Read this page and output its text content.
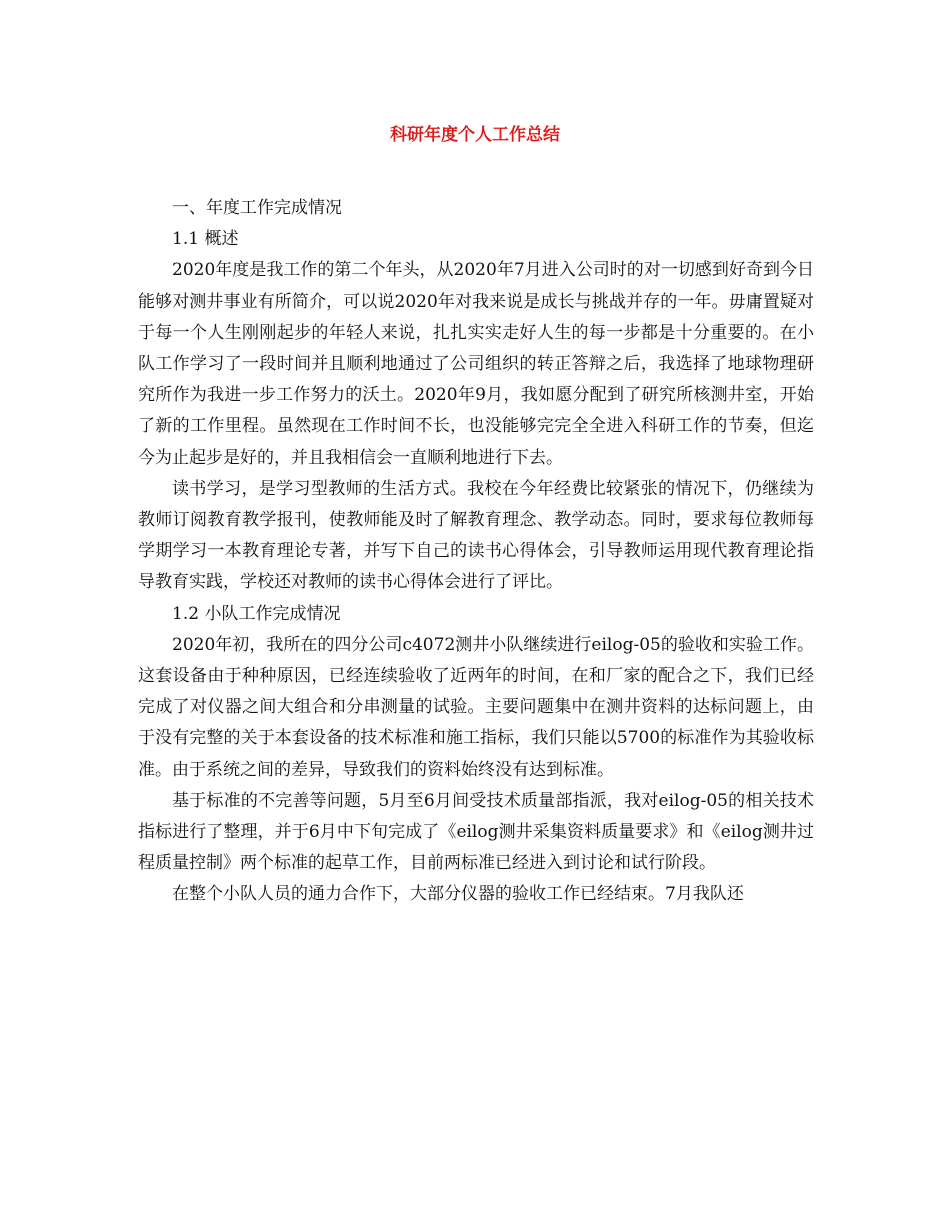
科研年度个人工作总结

一、年度工作完成情况

1.1 概述

2020年度是我工作的第二个年头，从2020年7月进入公司时的对一切感到好奇到今日能够对测井事业有所简介，可以说2020年对我来说是成长与挑战并存的一年。毋庸置疑对于每一个人生刚刚起步的年轻人来说，扎扎实实走好人生的每一步都是十分重要的。在小队工作学习了一段时间并且顺利地通过了公司组织的转正答辩之后，我选择了地球物理研究所作为我进一步工作努力的沃土。2020年9月，我如愿分配到了研究所核测井室，开始了新的工作里程。虽然现在工作时间不长，也没能够完完全全进入科研工作的节奏，但迄今为止起步是好的，并且我相信会一直顺利地进行下去。

读书学习，是学习型教师的生活方式。我校在今年经费比较紧张的情况下，仍继续为教师订阅教育教学报刊，使教师能及时了解教育理念、教学动态。同时，要求每位教师每学期学习一本教育理论专著，并写下自己的读书心得体会，引导教师运用现代教育理论指导教育实践，学校还对教师的读书心得体会进行了评比。

1.2 小队工作完成情况

2020年初，我所在的四分公司c4072测井小队继续进行eilog-05的验收和实验工作。这套设备由于种种原因，已经连续验收了近两年的时间，在和厂家的配合之下，我们已经完成了对仪器之间大组合和分串测量的试验。主要问题集中在测井资料的达标问题上，由于没有完整的关于本套设备的技术标准和施工指标，我们只能以5700的标准作为其验收标准。由于系统之间的差异，导致我们的资料始终没有达到标准。

基于标准的不完善等问题，5月至6月间受技术质量部指派，我对eilog-05的相关技术指标进行了整理，并于6月中下旬完成了《eilog测井采集资料质量要求》和《eilog测井过程质量控制》两个标准的起草工作，目前两标准已经进入到讨论和试行阶段。

在整个小队人员的通力合作下，大部分仪器的验收工作已经结束。7月我队还
